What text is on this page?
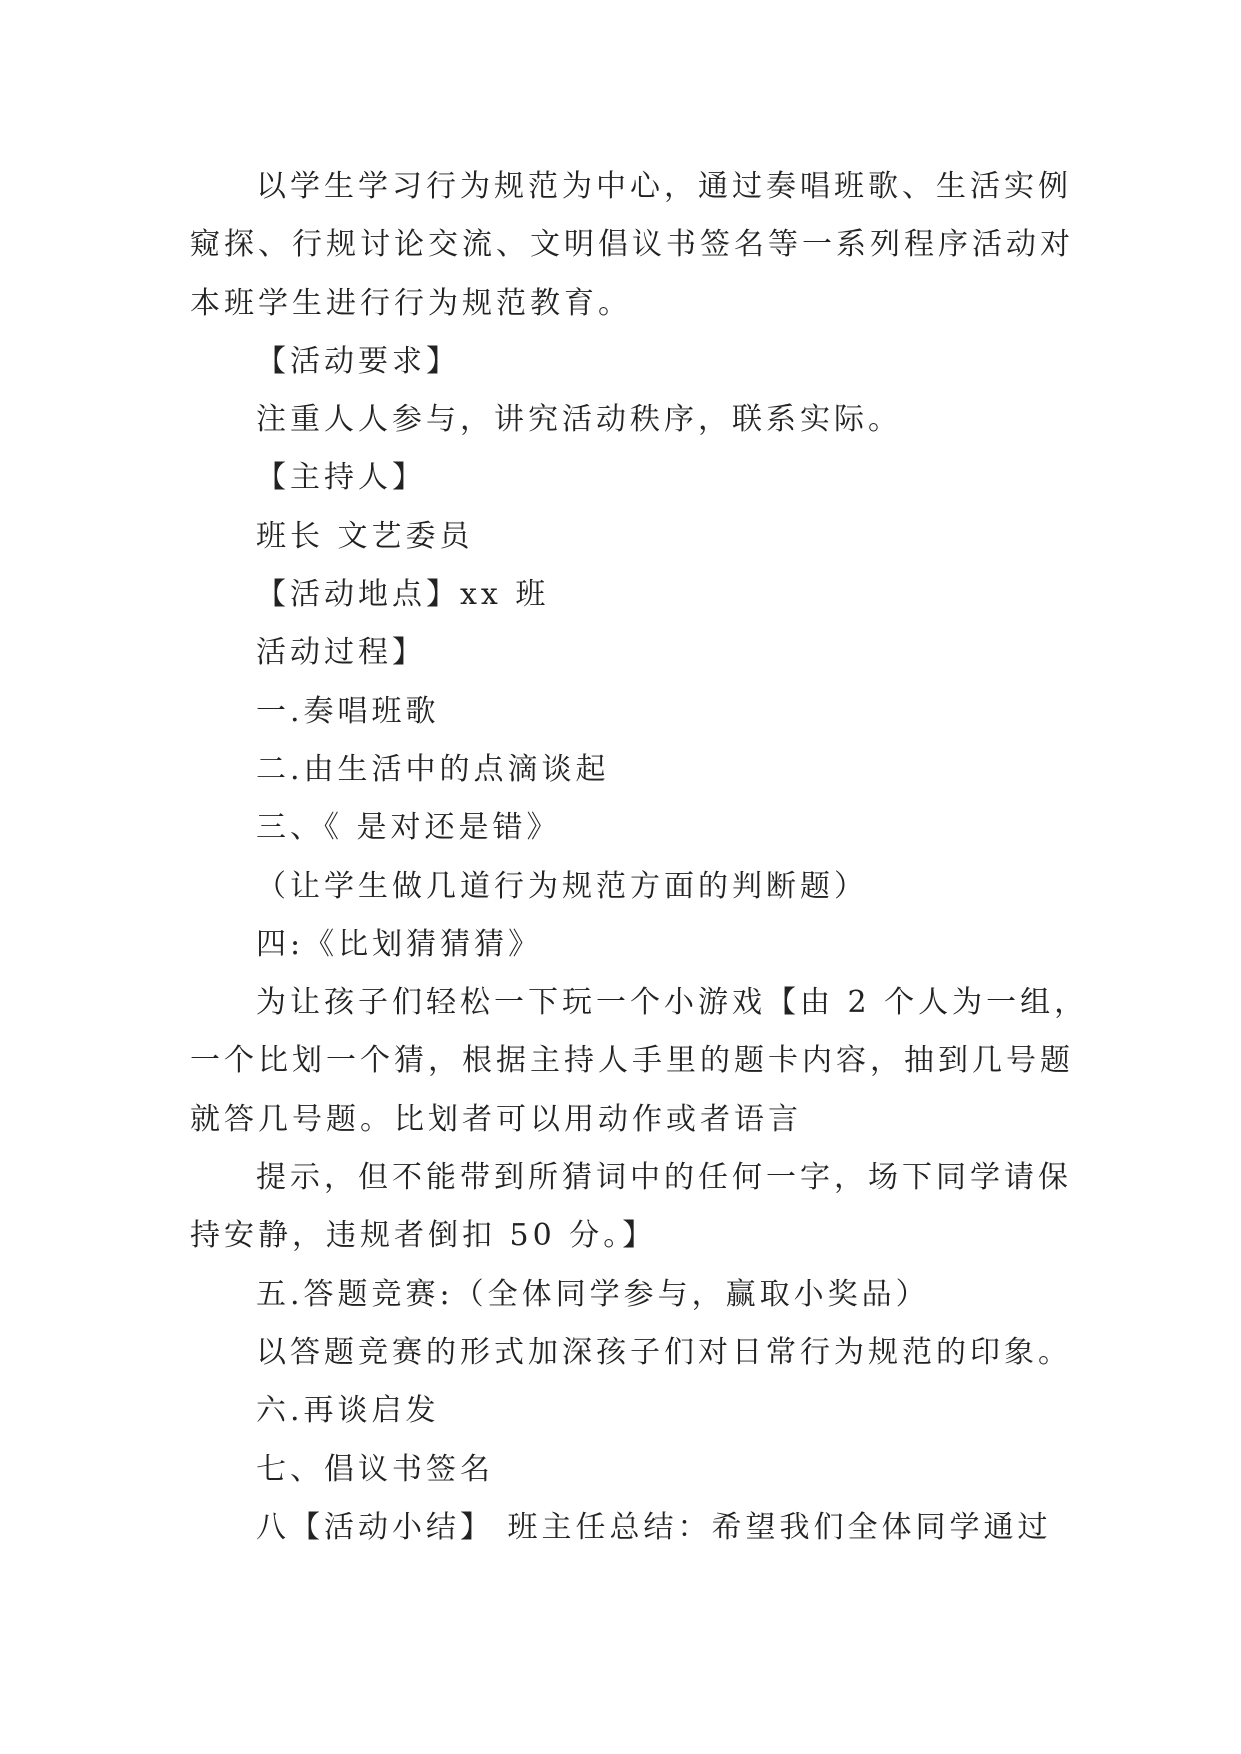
以学生学习行为规范为中心，通过奏唱班歌、生活实例

窥探、行规讨论交流、文明倡议书签名等一系列程序活动对

本班学生进行行为规范教育。

【活动要求】

注重人人参与，讲究活动秩序，联系实际。

【主持人】

班长 文艺委员

【活动地点】xx 班

活动过程】

一.奏唱班歌

二.由生活中的点滴谈起

三、《 是对还是错》

（让学生做几道行为规范方面的判断题）

四:《比划猜猜猜》

为让孩子们轻松一下玩一个小游戏【由 2 个人为一组，

一个比划一个猜，根据主持人手里的题卡内容，抽到几号题

就答几号题。比划者可以用动作或者语言

提示，但不能带到所猜词中的任何一字，场下同学请保

持安静，违规者倒扣 50 分。】

五.答题竞赛:（全体同学参与，赢取小奖品）

以答题竞赛的形式加深孩子们对日常行为规范的印象。

六.再谈启发

七、倡议书签名

八【活动小结】 班主任总结：希望我们全体同学通过
